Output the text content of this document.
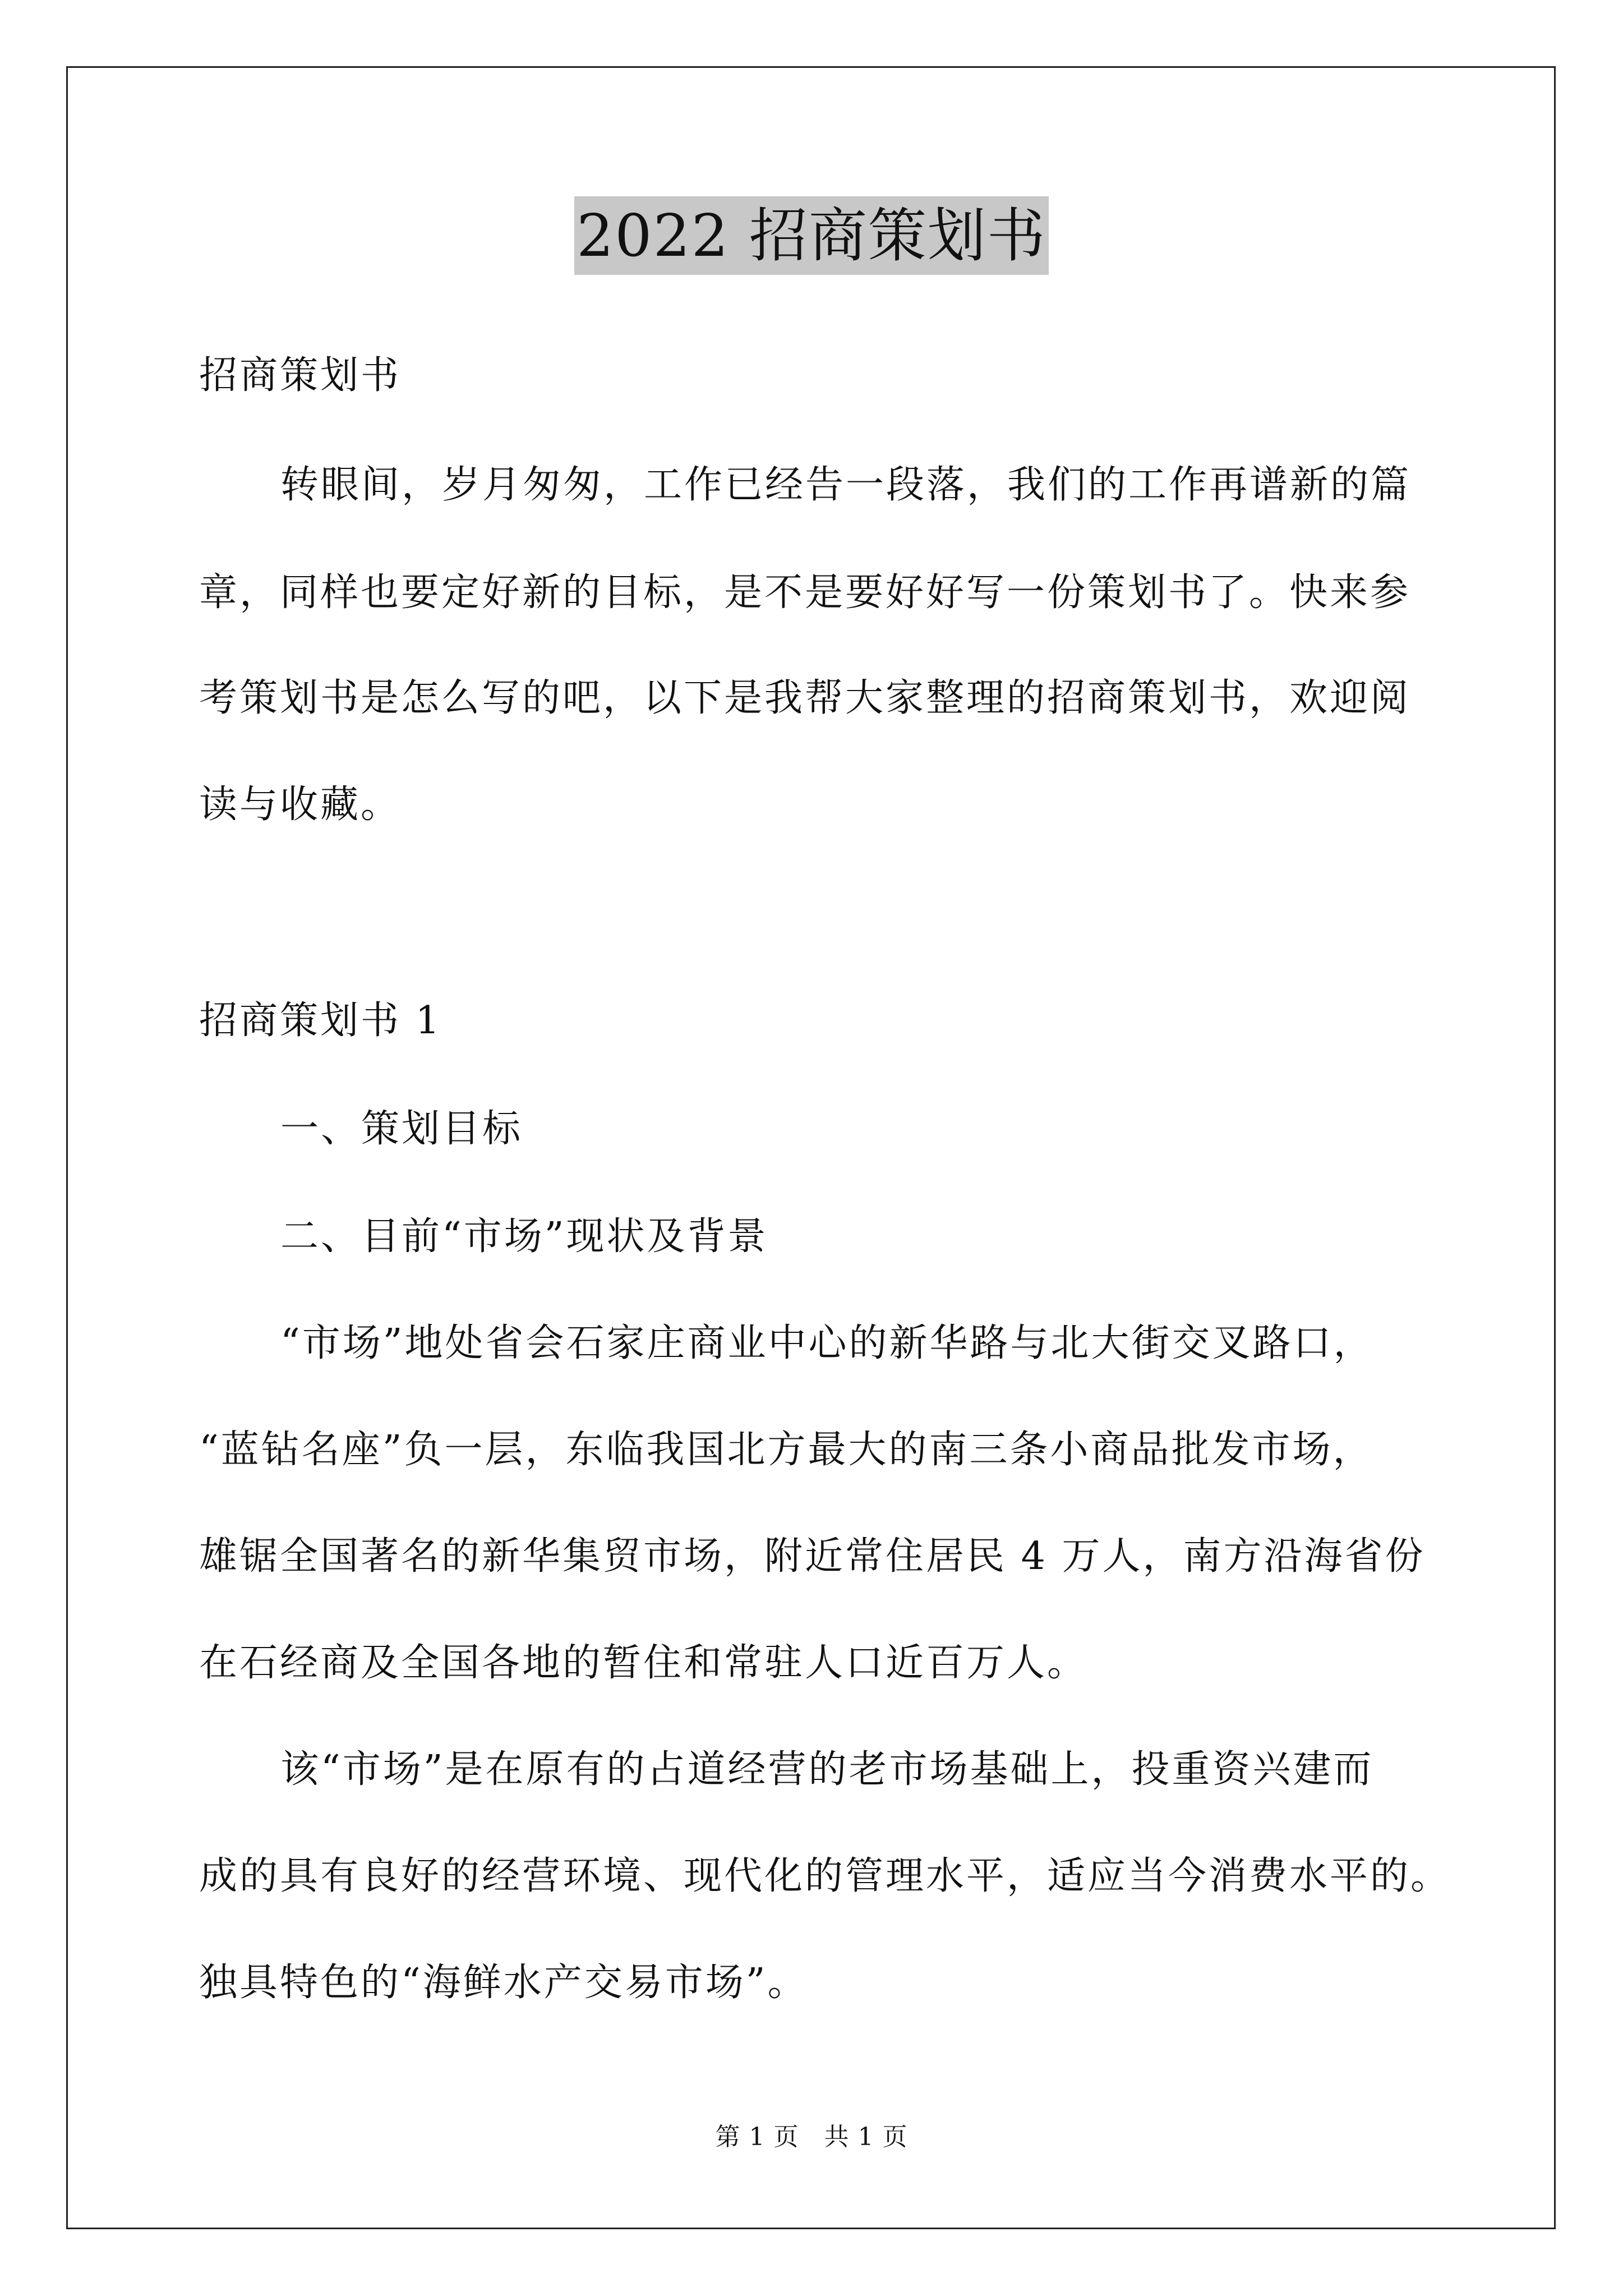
2022 招商策划书
招商策划书
转眼间，岁月匆匆，工作已经告一段落，我们的工作再谱新的篇
章，同样也要定好新的目标，是不是要好好写一份策划书了。快来参
考策划书是怎么写的吧，以下是我帮大家整理的招商策划书，欢迎阅
读与收藏。
招商策划书 1
一、策划目标
二、目前“市场”现状及背景
“市场”地处省会石家庄商业中心的新华路与北大街交叉路口，
“蓝钻名座”负一层，东临我国北方最大的南三条小商品批发市场，
雄锯全国著名的新华集贸市场，附近常住居民 4 万人，南方沿海省份
在石经商及全国各地的暂住和常驻人口近百万人。
该“市场”是在原有的占道经营的老市场基础上，投重资兴建而
成的具有良好的经营环境、现代化的管理水平，适应当今消费水平的。
独具特色的“海鲜水产交易市场”。
第 1 页　共 1 页
